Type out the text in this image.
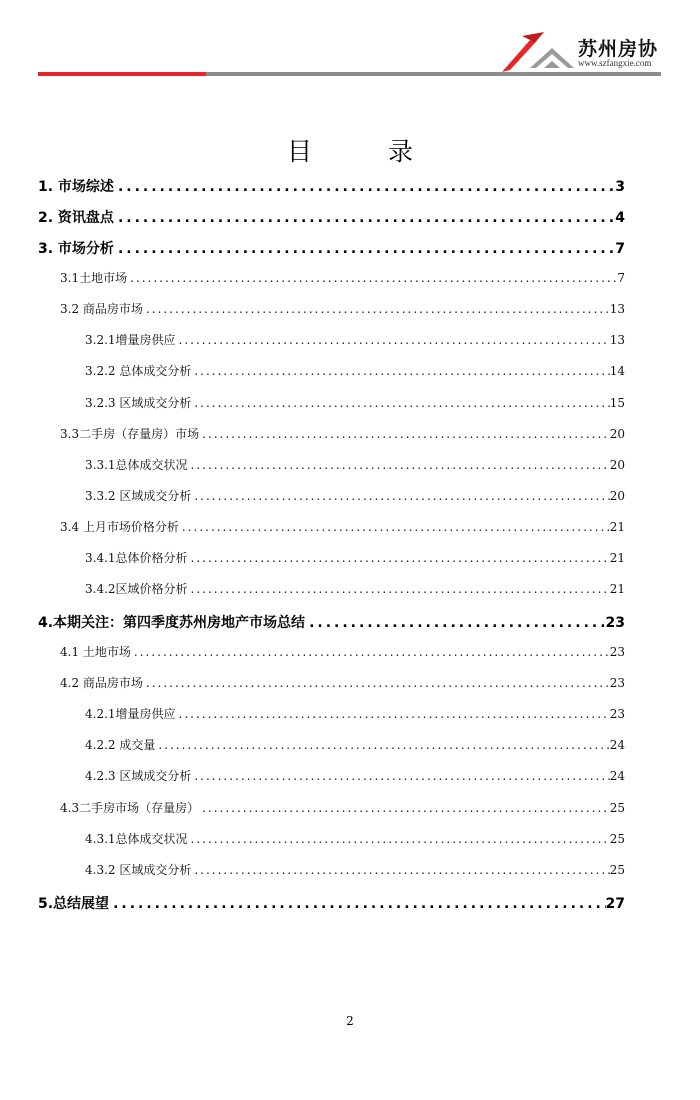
苏州房协
www.szfangxie.com
目录
1. 市场综述 .....	3
2. 资讯盘点 .....	4
3. 市场分析 .....	7
3.1土地市场 .....	7
3.2 商品房市场 .....	13
3.2.1增量房供应 .....	13
3.2.2 总体成交分析 .....	14
3.2.3 区域成交分析 .....	15
3.3二手房（存量房）市场 .....	20
3.3.1总体成交状况 .....	20
3.3.2 区域成交分析 .....	20
3.4 上月市场价格分析 .....	21
3.4.1总体价格分析 .....	21
3.4.2区域价格分析 .....	21
4.本期关注：第四季度苏州房地产市场总结 .....	23
4.1 土地市场 .....	23
4.2 商品房市场 .....	23
4.2.1增量房供应 .....	23
4.2.2 成交量 .....	24
4.2.3 区域成交分析 .....	24
4.3二手房市场（存量房） .....	25
4.3.1总体成交状况 .....	25
4.3.2 区域成交分析 .....	25
5.总结展望 .....	27
2
